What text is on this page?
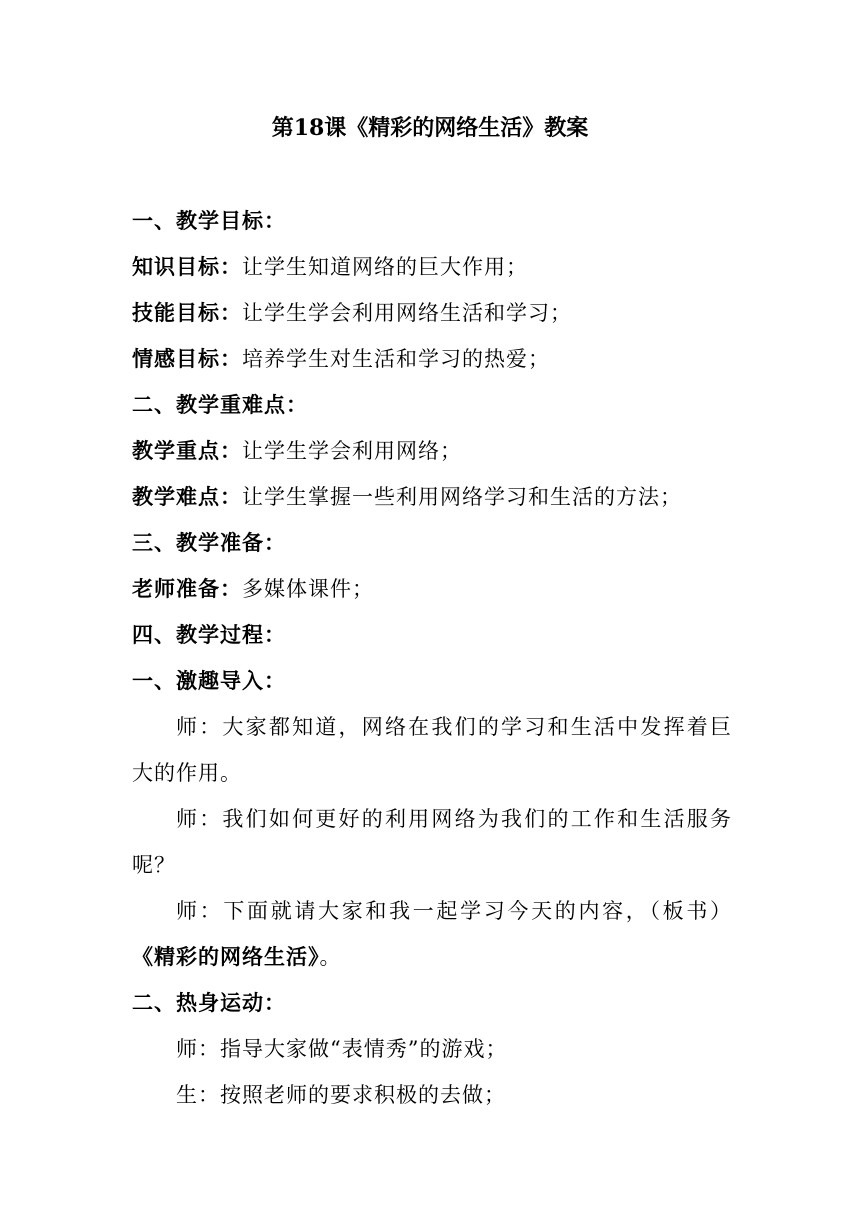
第18课《精彩的网络生活》教案
一、教学目标：
知识目标：让学生知道网络的巨大作用；
技能目标：让学生学会利用网络生活和学习；
情感目标：培养学生对生活和学习的热爱；
二、教学重难点：
教学重点：让学生学会利用网络；
教学难点：让学生掌握一些利用网络学习和生活的方法；
三、教学准备：
老师准备：多媒体课件；
四、教学过程：
一、激趣导入：
师：大家都知道，网络在我们的学习和生活中发挥着巨
大的作用。
师：我们如何更好的利用网络为我们的工作和生活服务
呢？
师：下面就请大家和我一起学习今天的内容，（板书）
《精彩的网络生活》。
二、热身运动：
师：指导大家做“表情秀”的游戏；
生：按照老师的要求积极的去做；
